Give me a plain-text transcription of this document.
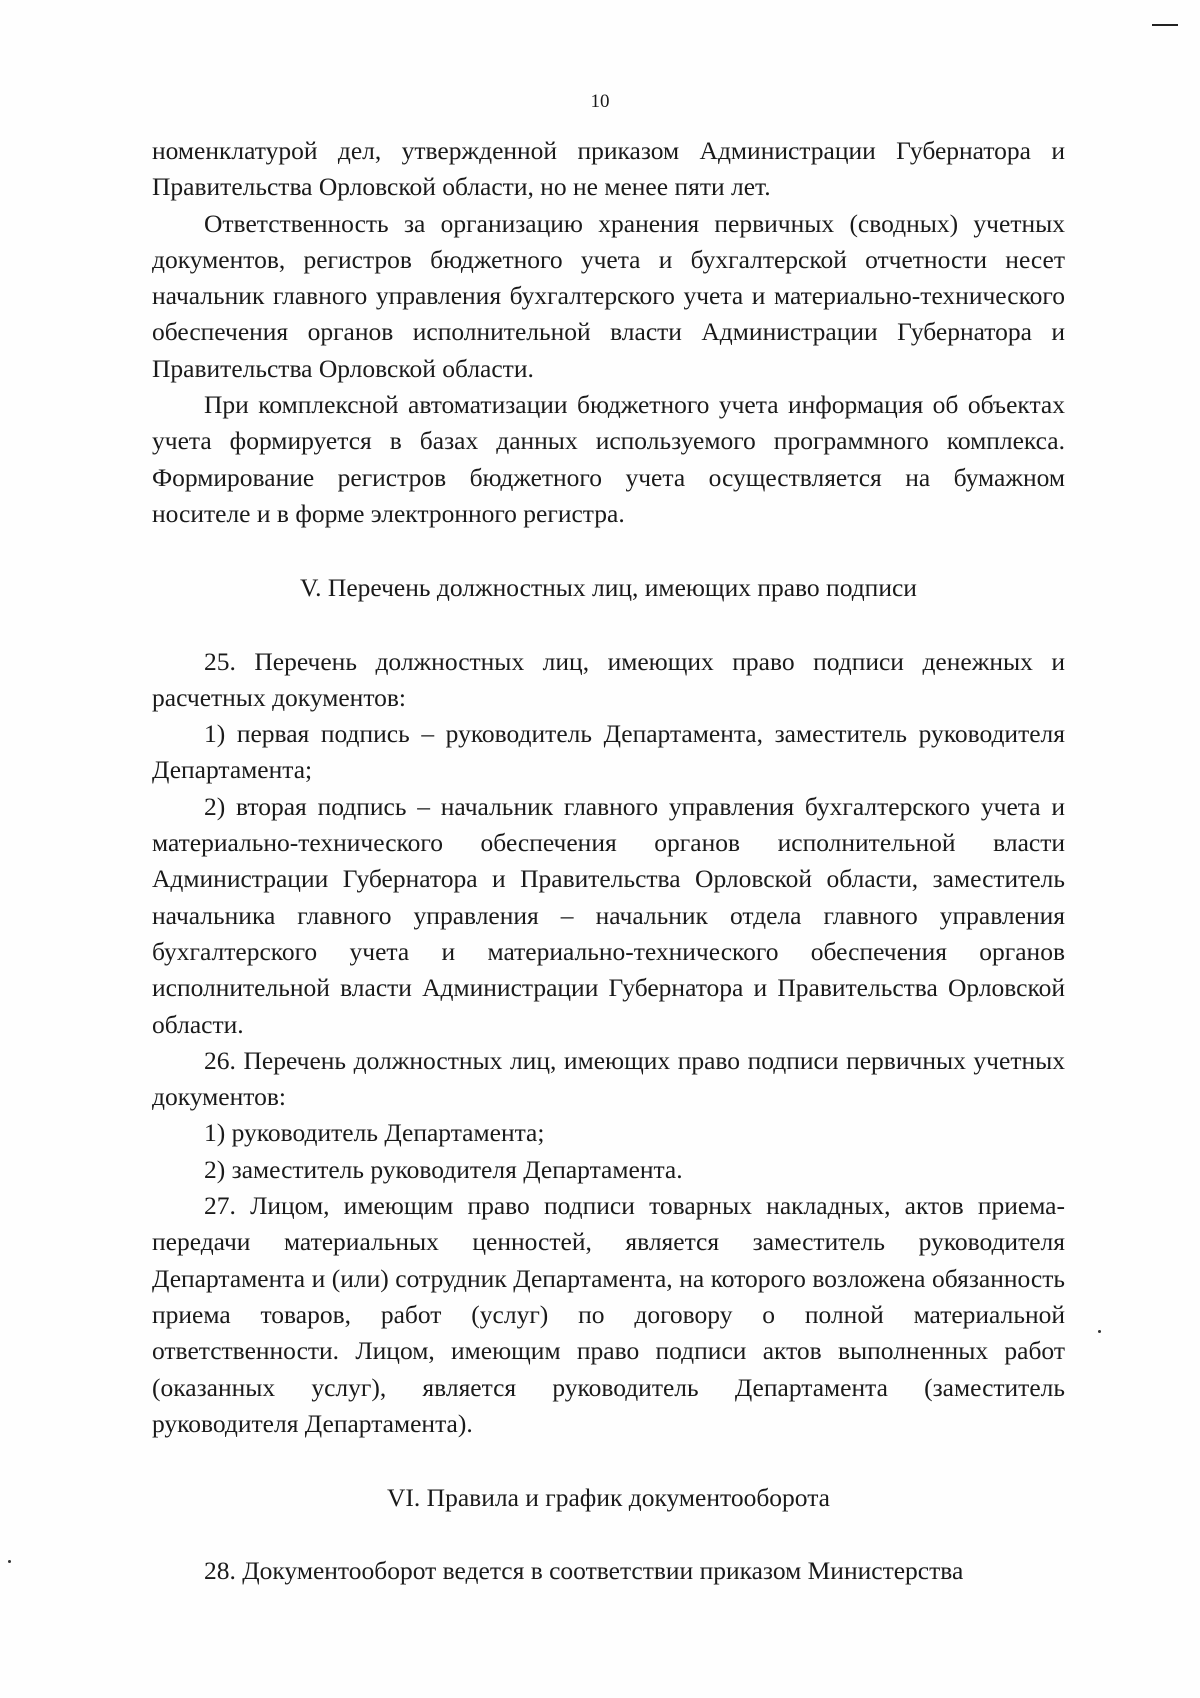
10

номенклатурой дел, утвержденной приказом Администрации Губернатора и Правительства Орловской области, но не менее пяти лет.

Ответственность за организацию хранения первичных (сводных) учетных документов, регистров бюджетного учета и бухгалтерской отчетности несет начальник главного управления бухгалтерского учета и материально-технического обеспечения органов исполнительной власти Администрации Губернатора и Правительства Орловской области.

При комплексной автоматизации бюджетного учета информация об объектах учета формируется в базах данных используемого программного комплекса. Формирование регистров бюджетного учета осуществляется на бумажном носителе и в форме электронного регистра.

V. Перечень должностных лиц, имеющих право подписи

25. Перечень должностных лиц, имеющих право подписи денежных и расчетных документов:

1) первая подпись – руководитель Департамента, заместитель руководителя Департамента;

2) вторая подпись – начальник главного управления бухгалтерского учета и материально-технического обеспечения органов исполнительной власти Администрации Губернатора и Правительства Орловской области, заместитель начальника главного управления – начальник отдела главного управления бухгалтерского учета и материально-технического обеспечения органов исполнительной власти Администрации Губернатора и Правительства Орловской области.

26. Перечень должностных лиц, имеющих право подписи первичных учетных документов:

1) руководитель Департамента;

2) заместитель руководителя Департамента.

27. Лицом, имеющим право подписи товарных накладных, актов приема-передачи материальных ценностей, является заместитель руководителя Департамента и (или) сотрудник Департамента, на которого возложена обязанность приема товаров, работ (услуг) по договору о полной материальной ответственности. Лицом, имеющим право подписи актов выполненных работ (оказанных услуг), является руководитель Департамента (заместитель руководителя Департамента).

VI. Правила и график документооборота

28. Документооборот ведется в соответствии приказом Министерства
